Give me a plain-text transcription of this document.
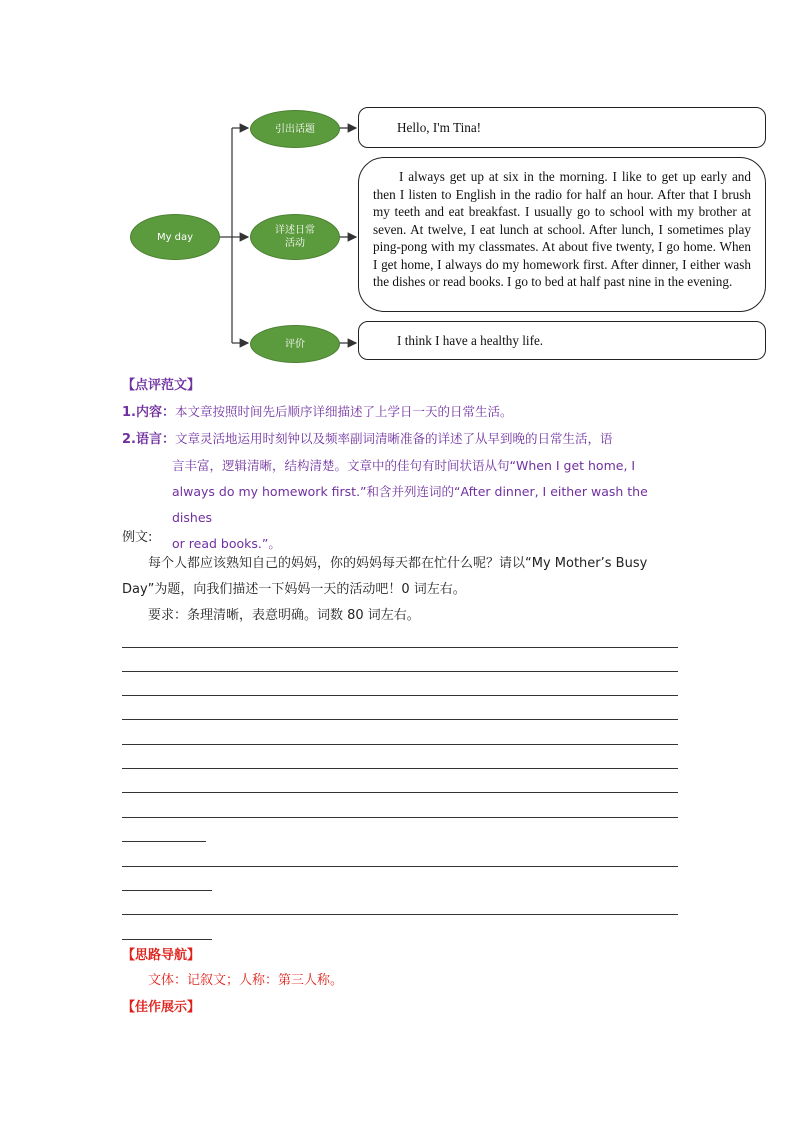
My day
引出话题
详述日常活动
评价
Hello, I'm Tina!
I always get up at six in the morning. I like to get up early and then I listen to English in the radio for half an hour. After that I brush my teeth and eat breakfast. I usually go to school with my brother at seven. At twelve, I eat lunch at school. After lunch, I sometimes play ping-pong with my classmates. At about five twenty, I go home. When I get home, I always do my homework first. After dinner, I either wash the dishes or read books. I go to bed at half past nine in the evening.
I think I have a healthy life.
【点评范文】
1.内容：本文章按照时间先后顺序详细描述了上学日一天的日常生活。
2.语言：文章灵活地运用时刻钟以及频率副词清晰准备的详述了从早到晚的日常生活，语
言丰富，逻辑清晰，结构清楚。文章中的佳句有时间状语从句“When I get home, I
always do my homework first.”和含并列连词的“After dinner, I either wash the dishes
or read books.”。
例文:
每个人都应该熟知自己的妈妈，你的妈妈每天都在忙什么呢？请以“My Mother’s Busy
Day”为题，向我们描述一下妈妈一天的活动吧！0 词左右。
要求：条理清晰，表意明确。词数 80 词左右。
【思路导航】
文体：记叙文；人称：第三人称。
【佳作展示】
